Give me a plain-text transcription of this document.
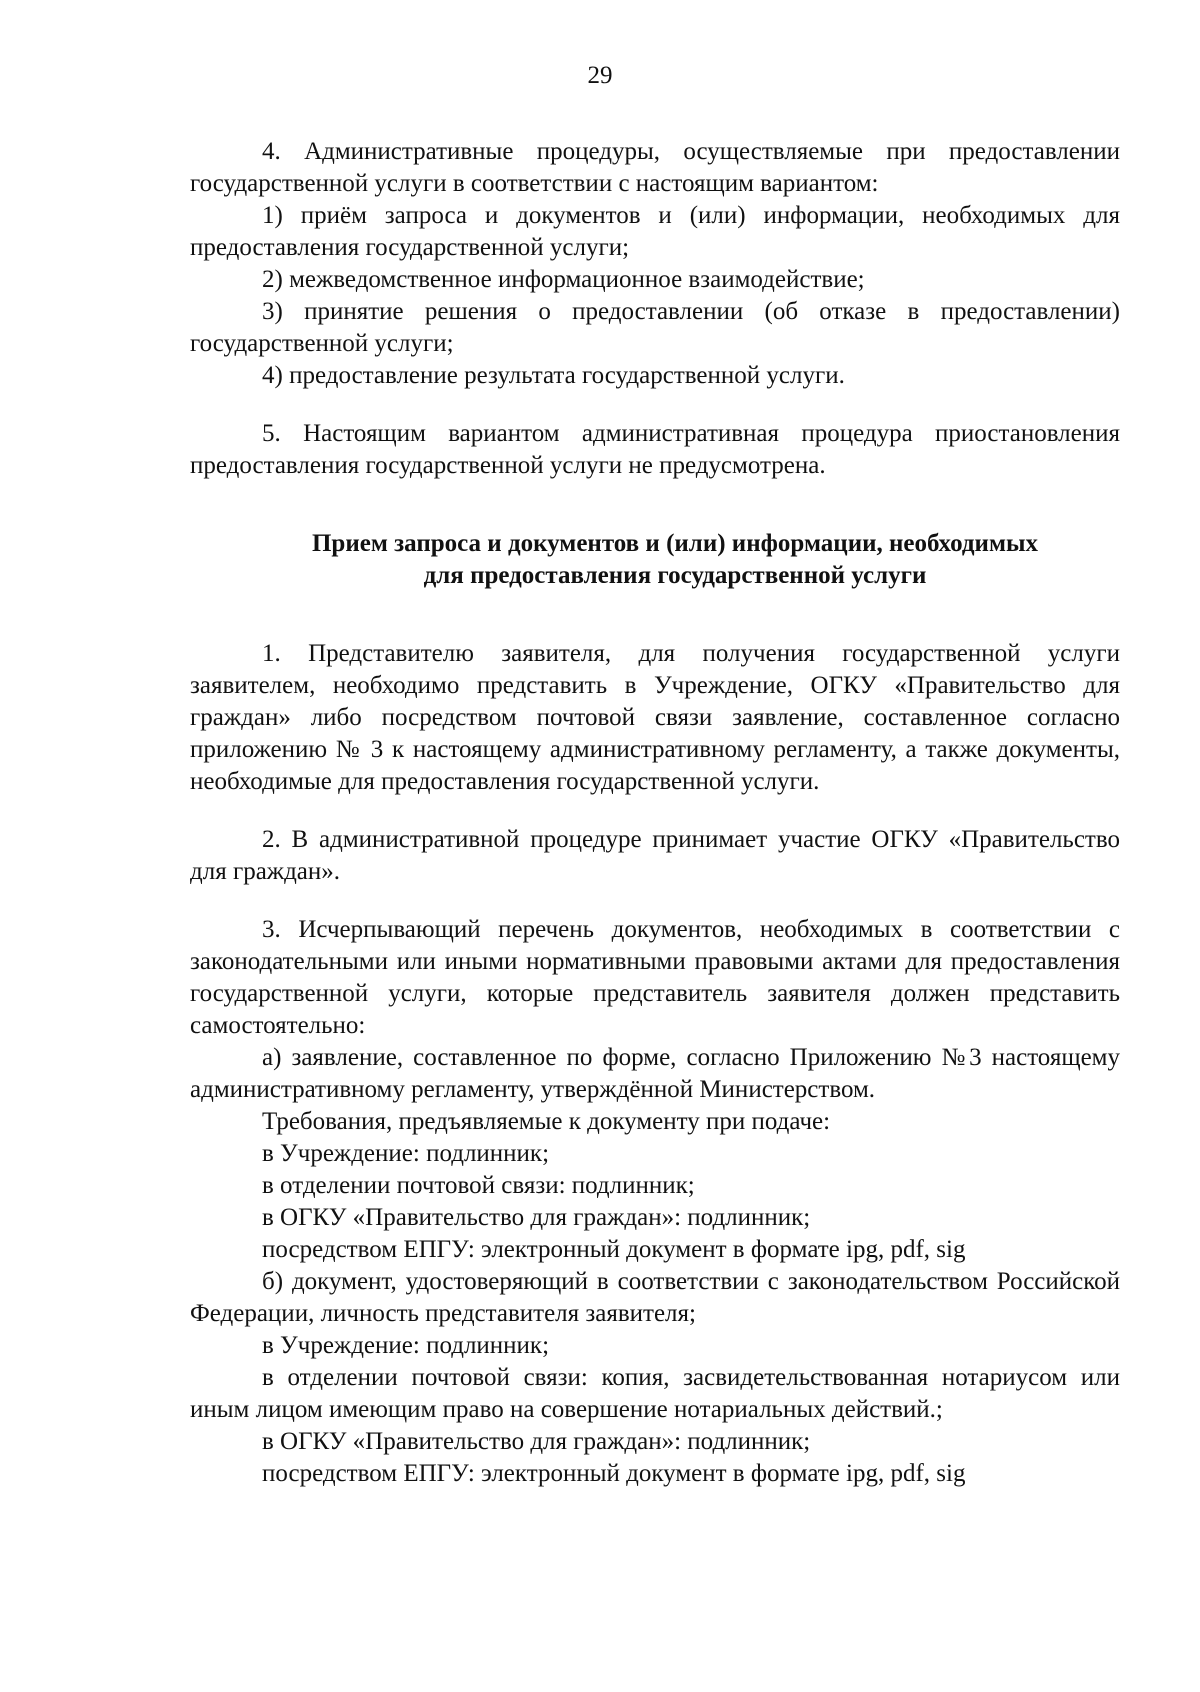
29

4. Административные процедуры, осуществляемые при предоставлении государственной услуги в соответствии с настоящим вариантом:

1) приём запроса и документов и (или) информации, необходимых для предоставления государственной услуги;

2) межведомственное информационное взаимодействие;

3) принятие решения о предоставлении (об отказе в предоставлении) государственной услуги;

4) предоставление результата государственной услуги.

5. Настоящим вариантом административная процедура приостановления предоставления государственной услуги не предусмотрена.

Прием запроса и документов и (или) информации, необходимых
для предоставления государственной услуги

1. Представителю заявителя, для получения государственной услуги заявителем, необходимо представить в Учреждение, ОГКУ «Правительство для граждан» либо посредством почтовой связи заявление, составленное согласно приложению № 3 к настоящему административному регламенту, а также документы, необходимые для предоставления государственной услуги.

2. В административной процедуре принимает участие ОГКУ «Правительство для граждан».

3. Исчерпывающий перечень документов, необходимых в соответствии с законодательными или иными нормативными правовыми актами для предоставления государственной услуги, которые представитель заявителя должен представить самостоятельно:

а) заявление, составленное по форме, согласно Приложению №3 настоящему административному регламенту, утверждённой Министерством.

Требования, предъявляемые к документу при подаче:

в Учреждение: подлинник;

в отделении почтовой связи: подлинник;

в ОГКУ «Правительство для граждан»: подлинник;

посредством ЕПГУ: электронный документ в формате ipg, pdf, sig

б) документ, удостоверяющий в соответствии с законодательством Российской Федерации, личность представителя заявителя;

в Учреждение: подлинник;

в отделении почтовой связи: копия, засвидетельствованная нотариусом или иным лицом имеющим право на совершение нотариальных действий.;

в ОГКУ «Правительство для граждан»: подлинник;

посредством ЕПГУ: электронный документ в формате ipg, pdf, sig
